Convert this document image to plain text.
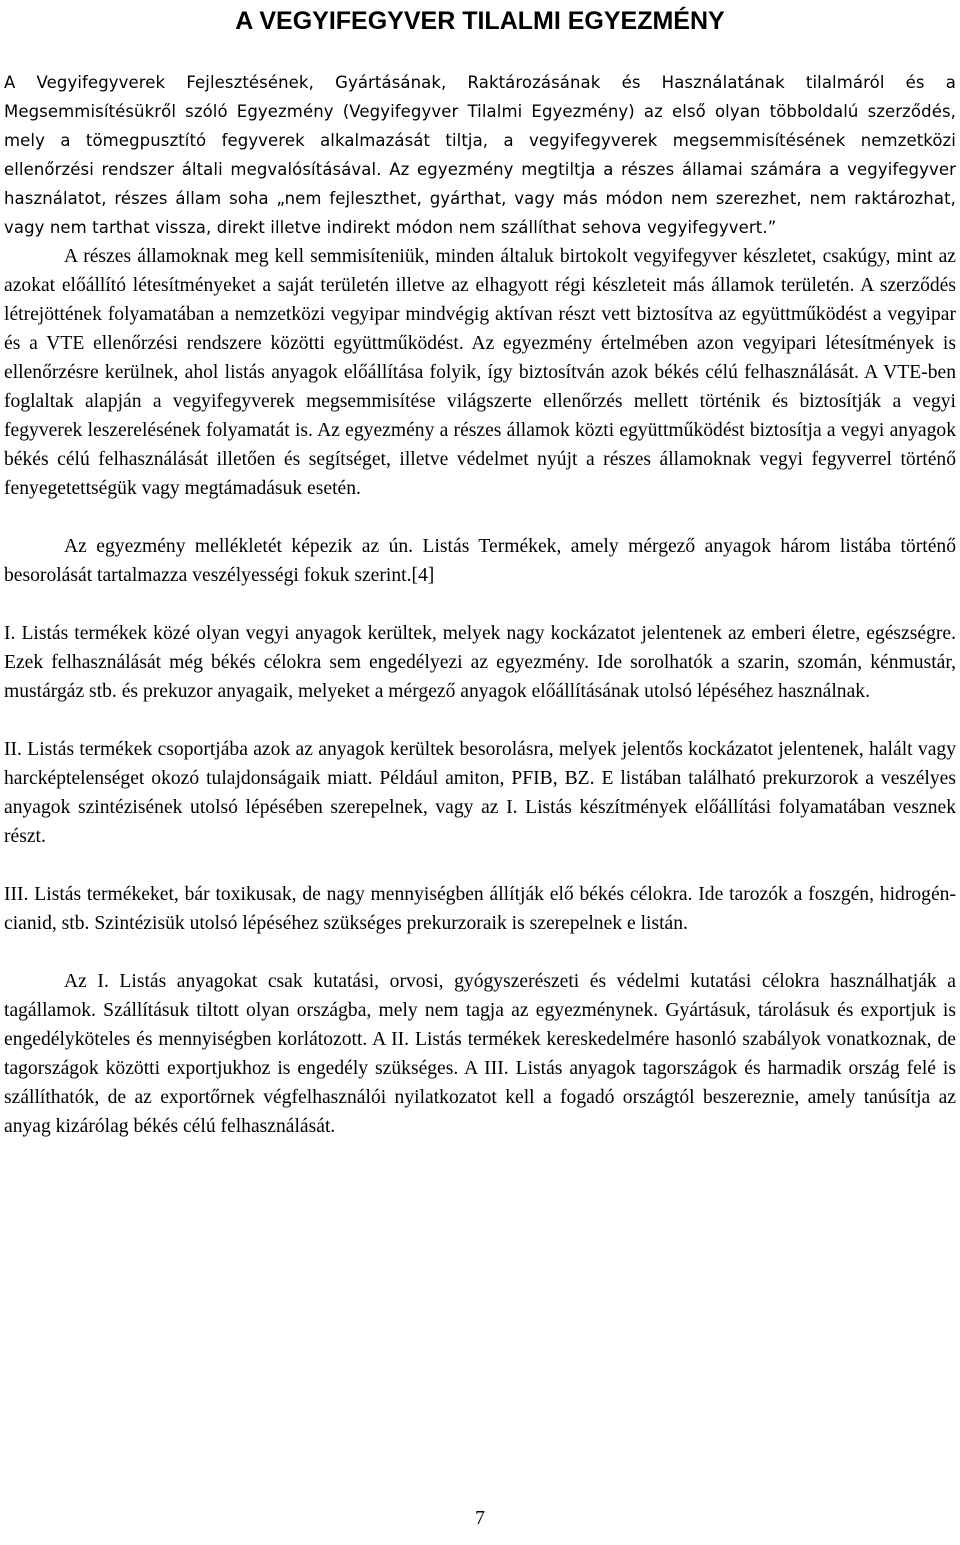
A VEGYIFEGYVER TILALMI EGYEZMÉNY

A Vegyifegyverek Fejlesztésének, Gyártásának, Raktározásának és Használatának tilalmáról és a Megsemmisítésükről szóló Egyezmény (Vegyifegyver Tilalmi Egyezmény) az első olyan többoldalú szerződés, mely a tömegpusztító fegyverek alkalmazását tiltja, a vegyifegyverek megsemmisítésének nemzetközi ellenőrzési rendszer általi megvalósításával. Az egyezmény megtiltja a részes államai számára a vegyifegyver használatot, részes állam soha „nem fejleszthet, gyárthat, vagy más módon nem szerezhet, nem raktározhat, vagy nem tarthat vissza, direkt illetve indirekt módon nem szállíthat sehova vegyifegyvert.”

A részes államoknak meg kell semmisíteniük, minden általuk birtokolt vegyifegyver készletet, csakúgy, mint az azokat előállító létesítményeket a saját területén illetve az elhagyott régi készleteit más államok területén. A szerződés létrejöttének folyamatában a nemzetközi vegyipar mindvégig aktívan részt vett biztosítva az együttműködést a vegyipar és a VTE ellenőrzési rendszere közötti együttműködést. Az egyezmény értelmében azon vegyipari létesítmények is ellenőrzésre kerülnek, ahol listás anyagok előállítása folyik, így biztosítván azok békés célú felhasználását. A VTE-ben foglaltak alapján a vegyifegyverek megsemmisítése világszerte ellenőrzés mellett történik és biztosítják a vegyi fegyverek leszerelésének folyamatát is. Az egyezmény a részes államok közti együttműködést biztosítja a vegyi anyagok békés célú felhasználását illetően és segítséget, illetve védelmet nyújt a részes államoknak vegyi fegyverrel történő fenyegetettségük vagy megtámadásuk esetén.

Az egyezmény mellékletét képezik az ún. Listás Termékek, amely mérgező anyagok három listába történő besorolását tartalmazza veszélyességi fokuk szerint.[4]

I. Listás termékek közé olyan vegyi anyagok kerültek, melyek nagy kockázatot jelentenek az emberi életre, egészségre. Ezek felhasználását még békés célokra sem engedélyezi az egyezmény. Ide sorolhatók a szarin, szomán, kénmustár, mustárgáz stb. és prekuzor anyagaik, melyeket a mérgező anyagok előállításának utolsó lépéséhez használnak.

II. Listás termékek csoportjába azok az anyagok kerültek besorolásra, melyek jelentős kockázatot jelentenek, halált vagy harcképtelenséget okozó tulajdonságaik miatt. Például amiton, PFIB, BZ. E listában található prekurzorok a veszélyes anyagok szintézisének utolsó lépésében szerepelnek, vagy az I. Listás készítmények előállítási folyamatában vesznek részt.

III. Listás termékeket, bár toxikusak, de nagy mennyiségben állítják elő békés célokra. Ide tarozók a foszgén, hidrogén-cianid, stb. Szintézisük utolsó lépéséhez szükséges prekurzoraik is szerepelnek e listán.

Az I. Listás anyagokat csak kutatási, orvosi, gyógyszerészeti és védelmi kutatási célokra használhatják a tagállamok. Szállításuk tiltott olyan országba, mely nem tagja az egyezménynek. Gyártásuk, tárolásuk és exportjuk is engedélyköteles és mennyiségben korlátozott. A II. Listás termékek kereskedelmére hasonló szabályok vonatkoznak, de tagországok közötti exportjukhoz is engedély szükséges. A III. Listás anyagok tagországok és harmadik ország felé is szállíthatók, de az exportőrnek végfelhasználói nyilatkozatot kell a fogadó országtól beszereznie, amely tanúsítja az anyag kizárólag békés célú felhasználását.

7
